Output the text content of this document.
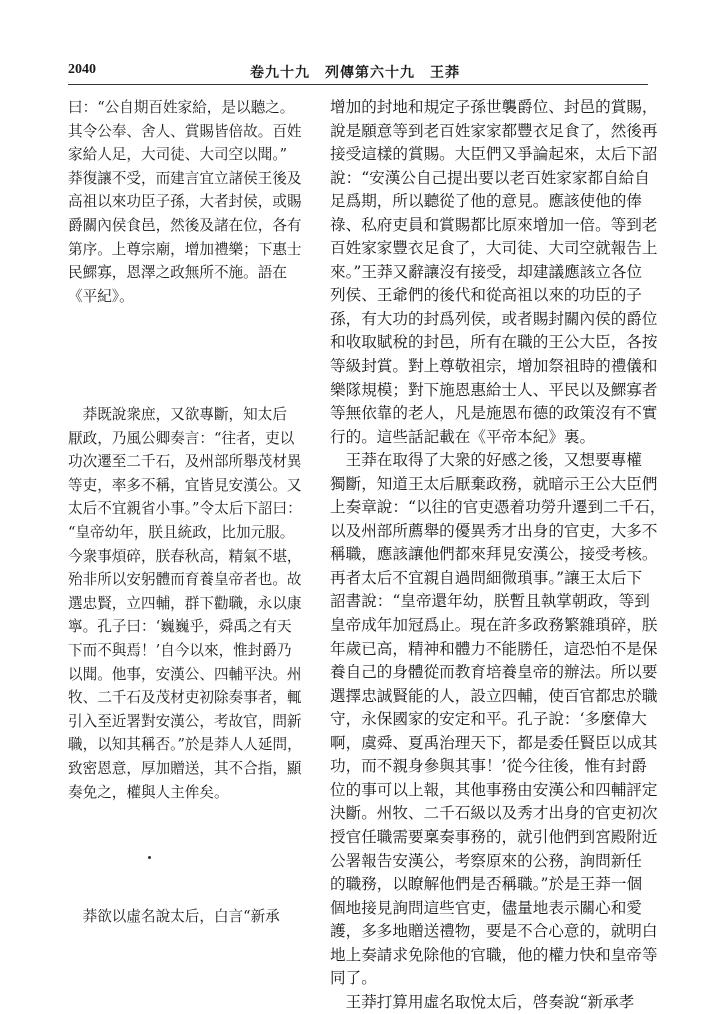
2040	卷九十九　列傳第六十九　王莽
曰：“公自期百姓家給，是以聽之。
其令公奉、舍人、賞賜皆倍故。百姓
家給人足，大司徒、大司空以聞。”
莽復讓不受，而建言宜立諸侯王後及
高祖以來功臣子孫，大者封侯，或賜
爵關內侯食邑，然後及諸在位，各有
第序。上尊宗廟，增加禮樂；下惠士
民鰥寡，恩澤之政無所不施。語在
《平紀》。
　莽既說衆庶，又欲專斷，知太后
厭政，乃風公卿奏言：“往者，吏以
功次遷至二千石，及州部所舉茂材異
等吏，率多不稱，宜皆見安漢公。又
太后不宜親省小事。”令太后下詔曰：
“皇帝幼年，朕且統政，比加元服。
今衆事煩碎，朕春秋高，精氣不堪，
殆非所以安躬體而育養皇帝者也。故
選忠賢，立四輔，群下勸職，永以康
寧。孔子曰：‘巍巍乎，舜禹之有天
下而不與焉！’自今以來，惟封爵乃
以聞。他事，安漢公、四輔平決。州
牧、二千石及茂材吏初除奏事者，輒
引入至近署對安漢公，考故官，問新
職，以知其稱否。”於是莽人人延問，
致密恩意，厚加贈送，其不合指，顯
奏免之，權與人主侔矣。
　莽欲以虛名說太后，白言“新承
增加的封地和規定子孫世襲爵位、封邑的賞賜，
說是願意等到老百姓家家都豐衣足食了，然後再
接受這樣的賞賜。大臣們又爭論起來，太后下詔
說：“安漢公自己提出要以老百姓家家都自給自
足爲期，所以聽從了他的意見。應該使他的俸
祿、私府吏員和賞賜都比原來增加一倍。等到老
百姓家家豐衣足食了，大司徒、大司空就報告上
來。”王莽又辭讓沒有接受，却建議應該立各位
列侯、王爺們的後代和從高祖以來的功臣的子
孫，有大功的封爲列侯，或者賜封關內侯的爵位
和收取賦稅的封邑，所有在職的王公大臣，各按
等級封賞。對上尊敬祖宗，增加祭祖時的禮儀和
樂隊規模；對下施恩惠給士人、平民以及鰥寡者
等無依靠的老人，凡是施恩布德的政策沒有不實
行的。這些話記載在《平帝本紀》裏。
　王莽在取得了大衆的好感之後，又想要專權
獨斷，知道王太后厭棄政務，就暗示王公大臣們
上奏章說：“以往的官吏憑着功勞升遷到二千石，
以及州部所薦舉的優異秀才出身的官吏，大多不
稱職，應該讓他們都來拜見安漢公，接受考核。
再者太后不宜親自過問細微瑣事。”讓王太后下
詔書說：“皇帝還年幼，朕暫且執掌朝政，等到
皇帝成年加冠爲止。現在許多政務繁雜瑣碎，朕
年歲已高，精神和體力不能勝任，這恐怕不是保
養自己的身體從而教育培養皇帝的辦法。所以要
選擇忠誠賢能的人，設立四輔，使百官都忠於職
守，永保國家的安定和平。孔子說：‘多麼偉大
啊，虞舜、夏禹治理天下，都是委任賢臣以成其
功，而不親身參與其事！’從今往後，惟有封爵
位的事可以上報，其他事務由安漢公和四輔評定
決斷。州牧、二千石級以及秀才出身的官吏初次
授官任職需要稟奏事務的，就引他們到宮殿附近
公署報告安漢公，考察原來的公務，詢問新任
的職務，以瞭解他們是否稱職。”於是王莽一個
個地接見詢問這些官吏，儘量地表示關心和愛
護，多多地贈送禮物，要是不合心意的，就明白
地上奏請求免除他的官職，他的權力快和皇帝等
同了。
　王莽打算用虛名取悅太后，啓奏說“新承孝
